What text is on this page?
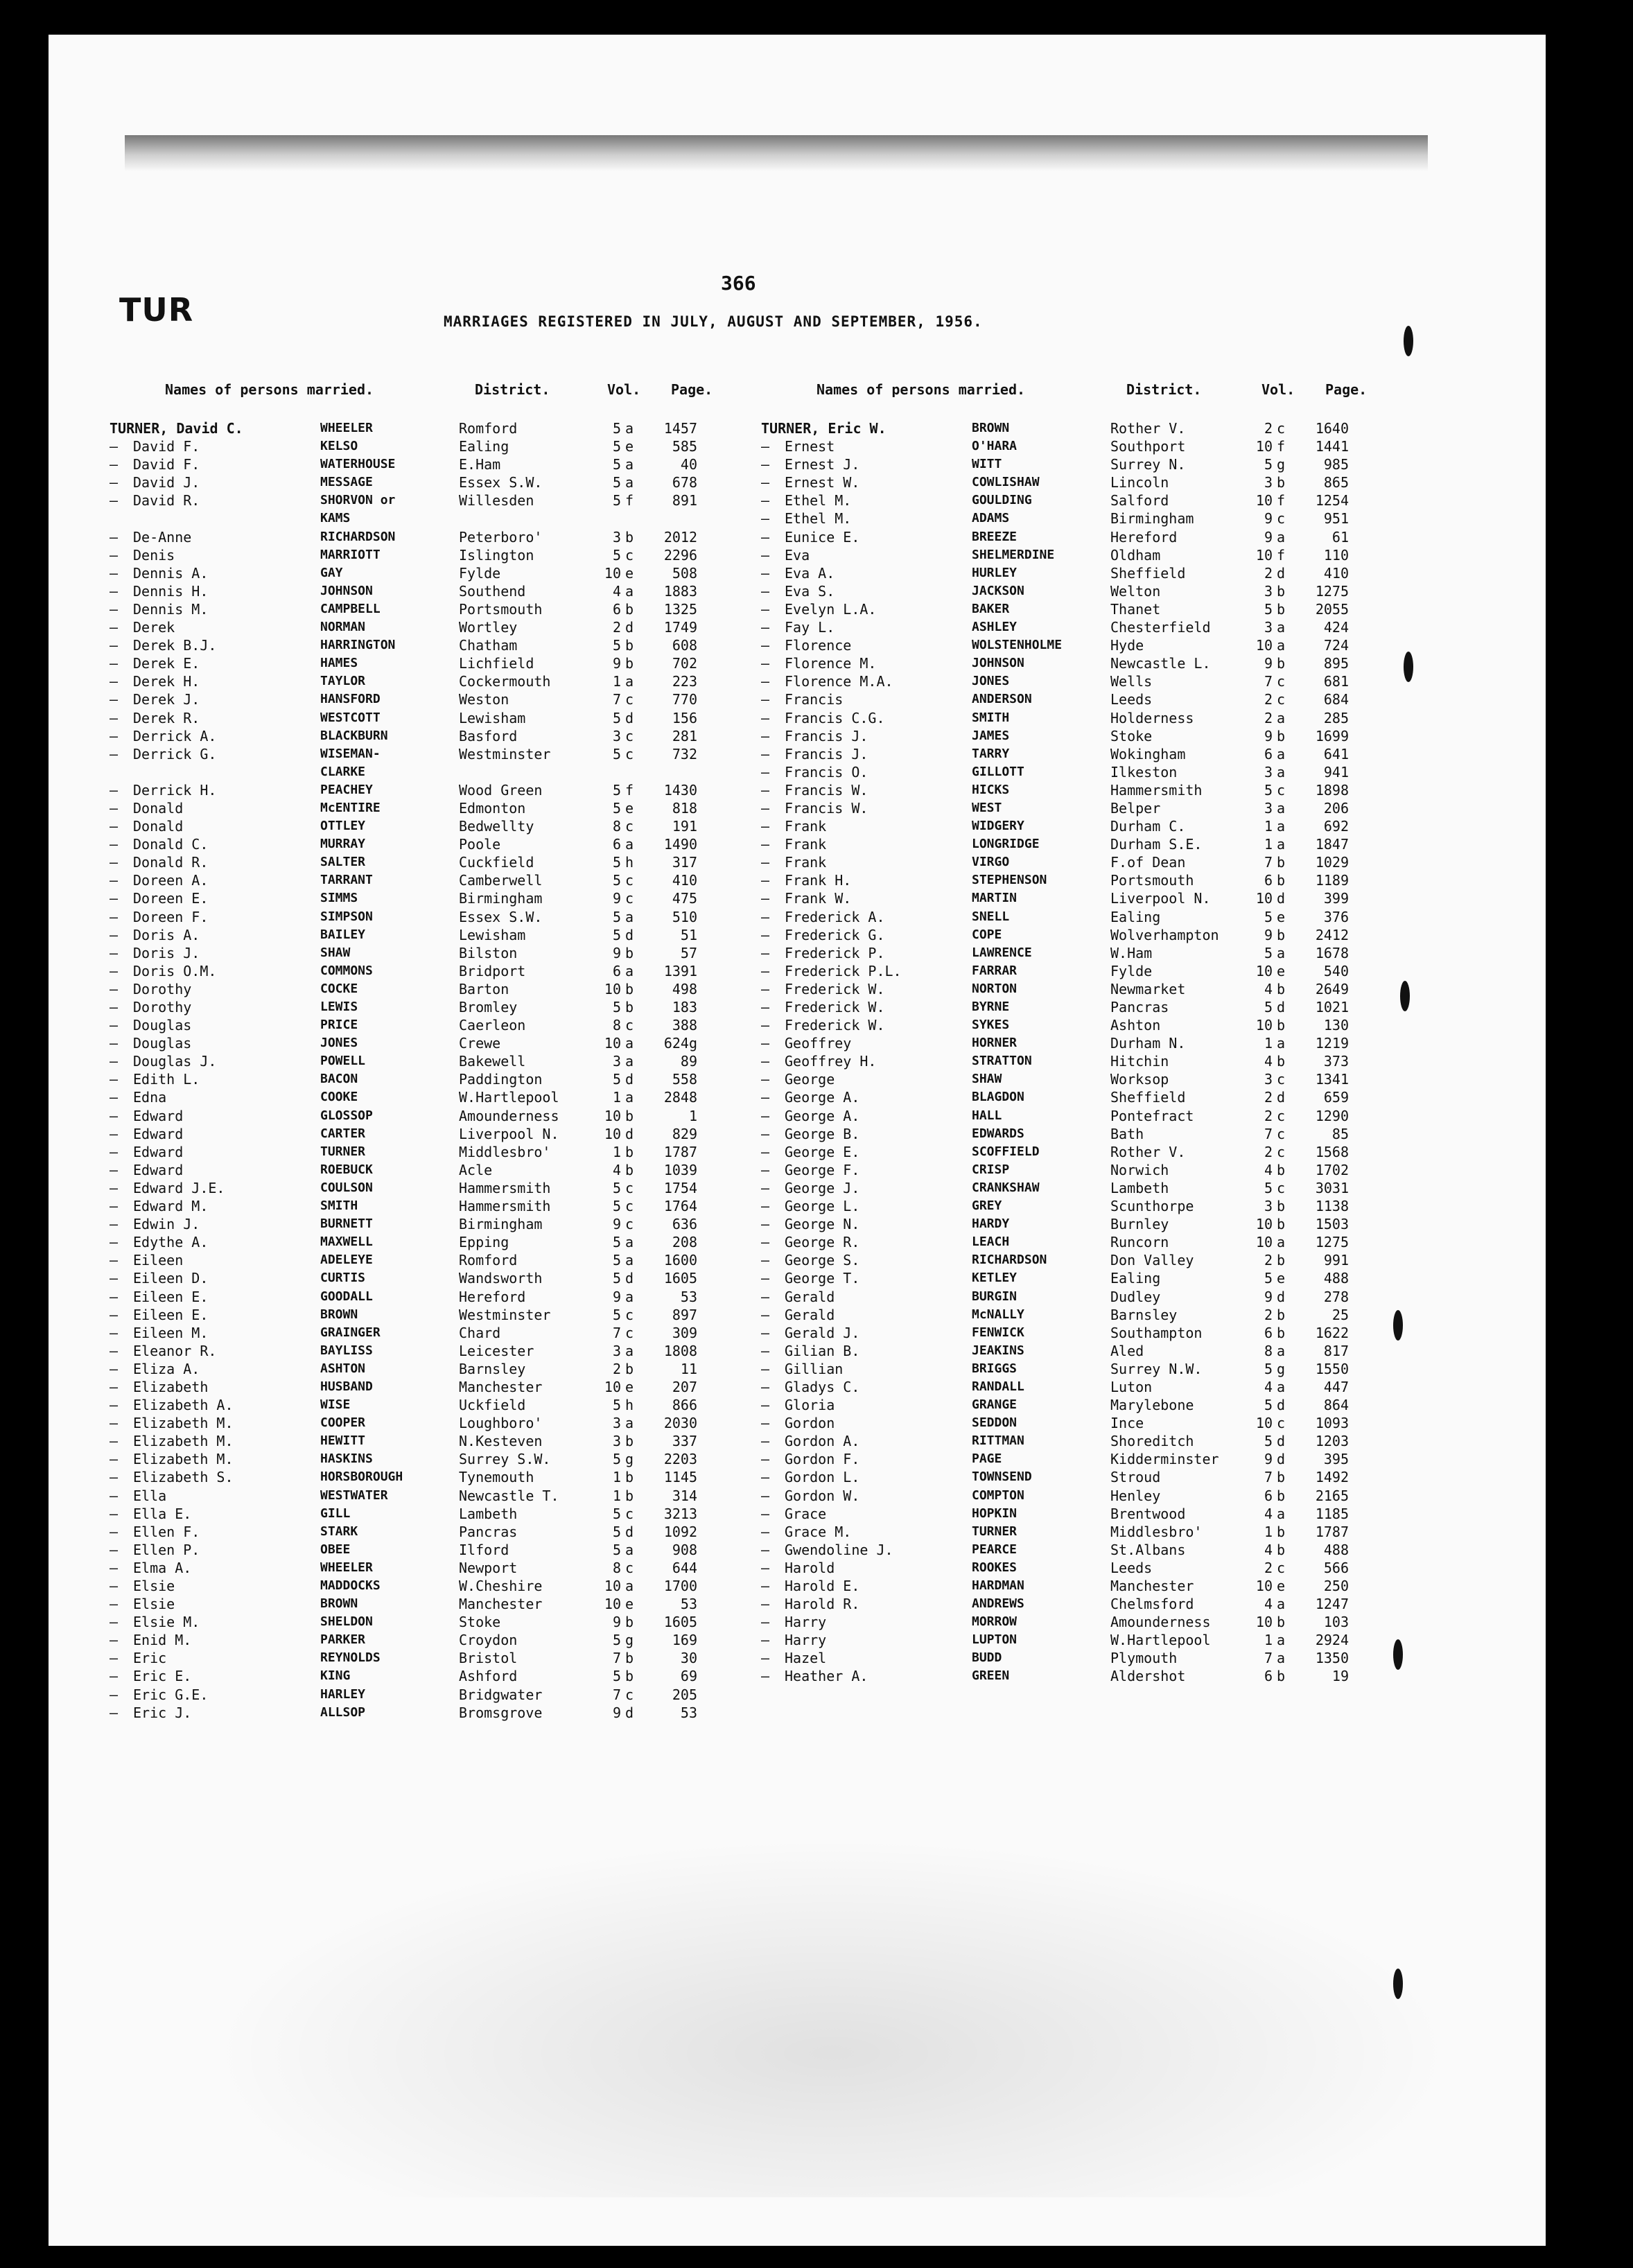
366
TUR	MARRIAGES REGISTERED IN JULY, AUGUST AND SEPTEMBER, 1956.
Names of persons married.	District.	Vol. Page.	Names of persons married.	District.	Vol. Page.
TURNER, David C.	WHEELER	Romford	5 a	1457
—	David F.	KELSO	Ealing	5 e	585
—	David F.	WATERHOUSE	E.Ham	5 a	40
—	David J.	MESSAGE	Essex S.W.	5 a	678
—	David R.	SHORVON or	Willesden	5 f	891
KAMS
—	De-Anne	RICHARDSON	Peterboro'	3 b	2012
—	Denis	MARRIOTT	Islington	5 c	2296
—	Dennis A.	GAY	Fylde	10 e	508
—	Dennis H.	JOHNSON	Southend	4 a	1883
—	Dennis M.	CAMPBELL	Portsmouth	6 b	1325
—	Derek	NORMAN	Wortley	2 d	1749
—	Derek B.J.	HARRINGTON	Chatham	5 b	608
—	Derek E.	HAMES	Lichfield	9 b	702
—	Derek H.	TAYLOR	Cockermouth	1 a	223
—	Derek J.	HANSFORD	Weston	7 c	770
—	Derek R.	WESTCOTT	Lewisham	5 d	156
—	Derrick A.	BLACKBURN	Basford	3 c	281
—	Derrick G.	WISEMAN-	Westminster	5 c	732
CLARKE
—	Derrick H.	PEACHEY	Wood Green	5 f	1430
—	Donald	McENTIRE	Edmonton	5 e	818
—	Donald	OTTLEY	Bedwellty	8 c	191
—	Donald C.	MURRAY	Poole	6 a	1490
—	Donald R.	SALTER	Cuckfield	5 h	317
—	Doreen A.	TARRANT	Camberwell	5 c	410
—	Doreen E.	SIMMS	Birmingham	9 c	475
—	Doreen F.	SIMPSON	Essex S.W.	5 a	510
—	Doris A.	BAILEY	Lewisham	5 d	51
—	Doris J.	SHAW	Bilston	9 b	57
—	Doris O.M.	COMMONS	Bridport	6 a	1391
—	Dorothy	COCKE	Barton	10 b	498
—	Dorothy	LEWIS	Bromley	5 b	183
—	Douglas	PRICE	Caerleon	8 c	388
—	Douglas	JONES	Crewe	10 a	624g
—	Douglas J.	POWELL	Bakewell	3 a	89
—	Edith L.	BACON	Paddington	5 d	558
—	Edna	COOKE	W.Hartlepool	1 a	2848
—	Edward	GLOSSOP	Amounderness	10 b	1
—	Edward	CARTER	Liverpool N.	10 d	829
—	Edward	TURNER	Middlesbro'	1 b	1787
—	Edward	ROEBUCK	Acle	4 b	1039
—	Edward J.E.	COULSON	Hammersmith	5 c	1754
—	Edward M.	SMITH	Hammersmith	5 c	1764
—	Edwin J.	BURNETT	Birmingham	9 c	636
—	Edythe A.	MAXWELL	Epping	5 a	208
—	Eileen	ADELEYE	Romford	5 a	1600
—	Eileen D.	CURTIS	Wandsworth	5 d	1605
—	Eileen E.	GOODALL	Hereford	9 a	53
—	Eileen E.	BROWN	Westminster	5 c	897
—	Eileen M.	GRAINGER	Chard	7 c	309
—	Eleanor R.	BAYLISS	Leicester	3 a	1808
—	Eliza A.	ASHTON	Barnsley	2 b	11
—	Elizabeth	HUSBAND	Manchester	10 e	207
—	Elizabeth A.	WISE	Uckfield	5 h	866
—	Elizabeth M.	COOPER	Loughboro'	3 a	2030
—	Elizabeth M.	HEWITT	N.Kesteven	3 b	337
—	Elizabeth M.	HASKINS	Surrey S.W.	5 g	2203
—	Elizabeth S.	HORSBOROUGH	Tynemouth	1 b	1145
—	Ella	WESTWATER	Newcastle T.	1 b	314
—	Ella E.	GILL	Lambeth	5 c	3213
—	Ellen F.	STARK	Pancras	5 d	1092
—	Ellen P.	OBEE	Ilford	5 a	908
—	Elma A.	WHEELER	Newport	8 c	644
—	Elsie	MADDOCKS	W.Cheshire	10 a	1700
—	Elsie	BROWN	Manchester	10 e	53
—	Elsie M.	SHELDON	Stoke	9 b	1605
—	Enid M.	PARKER	Croydon	5 g	169
—	Eric	REYNOLDS	Bristol	7 b	30
—	Eric E.	KING	Ashford	5 b	69
—	Eric G.E.	HARLEY	Bridgwater	7 c	205
—	Eric J.	ALLSOP	Bromsgrove	9 d	53
TURNER, Eric W.	BROWN	Rother V.	2 c	1640
—	Ernest	O'HARA	Southport	10 f	1441
—	Ernest J.	WITT	Surrey N.	5 g	985
—	Ernest W.	COWLISHAW	Lincoln	3 b	865
—	Ethel M.	GOULDING	Salford	10 f	1254
—	Ethel M.	ADAMS	Birmingham	9 c	951
—	Eunice E.	BREEZE	Hereford	9 a	61
—	Eva	SHELMERDINE	Oldham	10 f	110
—	Eva A.	HURLEY	Sheffield	2 d	410
—	Eva S.	JACKSON	Welton	3 b	1275
—	Evelyn L.A.	BAKER	Thanet	5 b	2055
—	Fay L.	ASHLEY	Chesterfield	3 a	424
—	Florence	WOLSTENHOLME	Hyde	10 a	724
—	Florence M.	JOHNSON	Newcastle L.	9 b	895
—	Florence M.A.	JONES	Wells	7 c	681
—	Francis	ANDERSON	Leeds	2 c	684
—	Francis C.G.	SMITH	Holderness	2 a	285
—	Francis J.	JAMES	Stoke	9 b	1699
—	Francis J.	TARRY	Wokingham	6 a	641
—	Francis O.	GILLOTT	Ilkeston	3 a	941
—	Francis W.	HICKS	Hammersmith	5 c	1898
—	Francis W.	WEST	Belper	3 a	206
—	Frank	WIDGERY	Durham C.	1 a	692
—	Frank	LONGRIDGE	Durham S.E.	1 a	1847
—	Frank	VIRGO	F.of Dean	7 b	1029
—	Frank H.	STEPHENSON	Portsmouth	6 b	1189
—	Frank W.	MARTIN	Liverpool N.	10 d	399
—	Frederick A.	SNELL	Ealing	5 e	376
—	Frederick G.	COPE	Wolverhampton	9 b	2412
—	Frederick P.	LAWRENCE	W.Ham	5 a	1678
—	Frederick P.L.	FARRAR	Fylde	10 e	540
—	Frederick W.	NORTON	Newmarket	4 b	2649
—	Frederick W.	BYRNE	Pancras	5 d	1021
—	Frederick W.	SYKES	Ashton	10 b	130
—	Geoffrey	HORNER	Durham N.	1 a	1219
—	Geoffrey H.	STRATTON	Hitchin	4 b	373
—	George	SHAW	Worksop	3 c	1341
—	George A.	BLAGDON	Sheffield	2 d	659
—	George A.	HALL	Pontefract	2 c	1290
—	George B.	EDWARDS	Bath	7 c	85
—	George E.	SCOFFIELD	Rother V.	2 c	1568
—	George F.	CRISP	Norwich	4 b	1702
—	George J.	CRANKSHAW	Lambeth	5 c	3031
—	George L.	GREY	Scunthorpe	3 b	1138
—	George N.	HARDY	Burnley	10 b	1503
—	George R.	LEACH	Runcorn	10 a	1275
—	George S.	RICHARDSON	Don Valley	2 b	991
—	George T.	KETLEY	Ealing	5 e	488
—	Gerald	BURGIN	Dudley	9 d	278
—	Gerald	McNALLY	Barnsley	2 b	25
—	Gerald J.	FENWICK	Southampton	6 b	1622
—	Gilian B.	JEAKINS	Aled	8 a	817
—	Gillian	BRIGGS	Surrey N.W.	5 g	1550
—	Gladys C.	RANDALL	Luton	4 a	447
—	Gloria	GRANGE	Marylebone	5 d	864
—	Gordon	SEDDON	Ince	10 c	1093
—	Gordon A.	RITTMAN	Shoreditch	5 d	1203
—	Gordon F.	PAGE	Kidderminster	9 d	395
—	Gordon L.	TOWNSEND	Stroud	7 b	1492
—	Gordon W.	COMPTON	Henley	6 b	2165
—	Grace	HOPKIN	Brentwood	4 a	1185
—	Grace M.	TURNER	Middlesbro'	1 b	1787
—	Gwendoline J.	PEARCE	St.Albans	4 b	488
—	Harold	ROOKES	Leeds	2 c	566
—	Harold E.	HARDMAN	Manchester	10 e	250
—	Harold R.	ANDREWS	Chelmsford	4 a	1247
—	Harry	MORROW	Amounderness	10 b	103
—	Harry	LUPTON	W.Hartlepool	1 a	2924
—	Hazel	BUDD	Plymouth	7 a	1350
—	Heather A.	GREEN	Aldershot	6 b	19
